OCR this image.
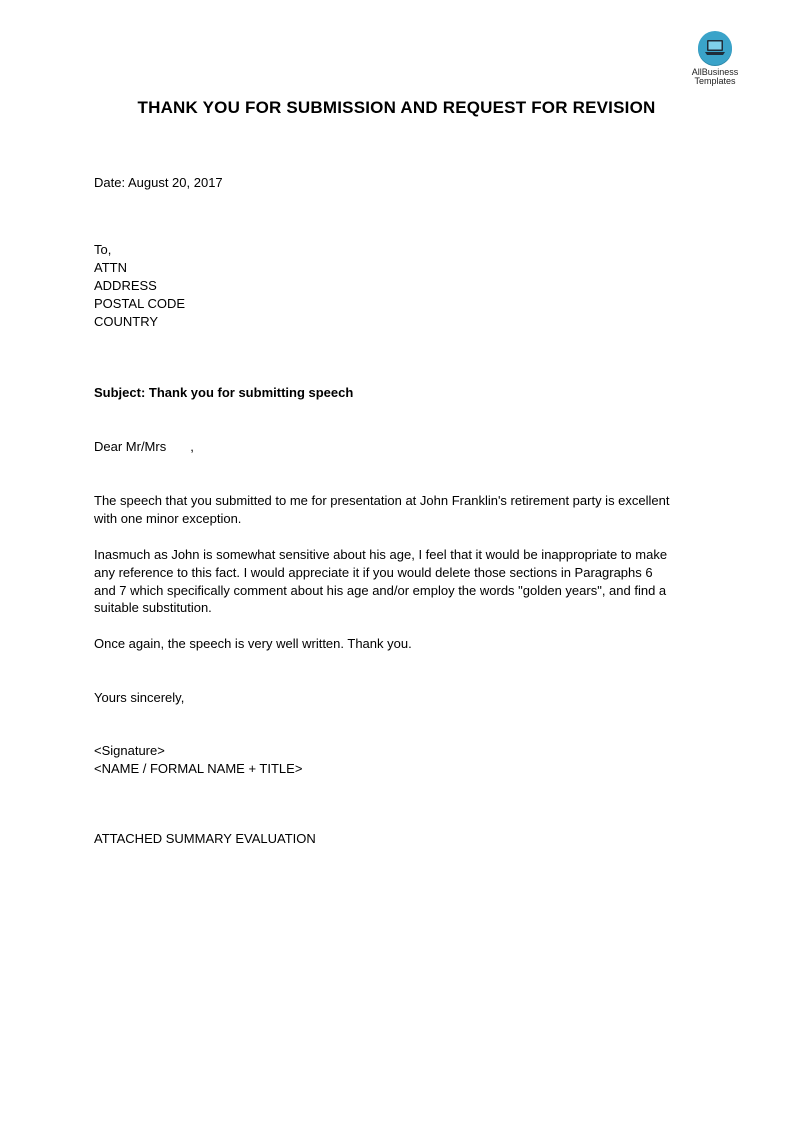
AllBusiness
Templates
THANK YOU FOR SUBMISSION AND REQUEST FOR REVISION
Date: August 20, 2017
To,
ATTN
ADDRESS
POSTAL CODE
COUNTRY
Subject: Thank you for submitting speech
Dear Mr/Mrs ,
The speech that you submitted to me for presentation at John Franklin's retirement party is excellent
with one minor exception.
Inasmuch as John is somewhat sensitive about his age, I feel that it would be inappropriate to make
any reference to this fact. I would appreciate it if you would delete those sections in Paragraphs 6
and 7 which specifically comment about his age and/or employ the words "golden years", and find a
suitable substitution.
Once again, the speech is very well written. Thank you.
Yours sincerely,
<Signature>
<NAME / FORMAL NAME + TITLE>
ATTACHED SUMMARY EVALUATION
